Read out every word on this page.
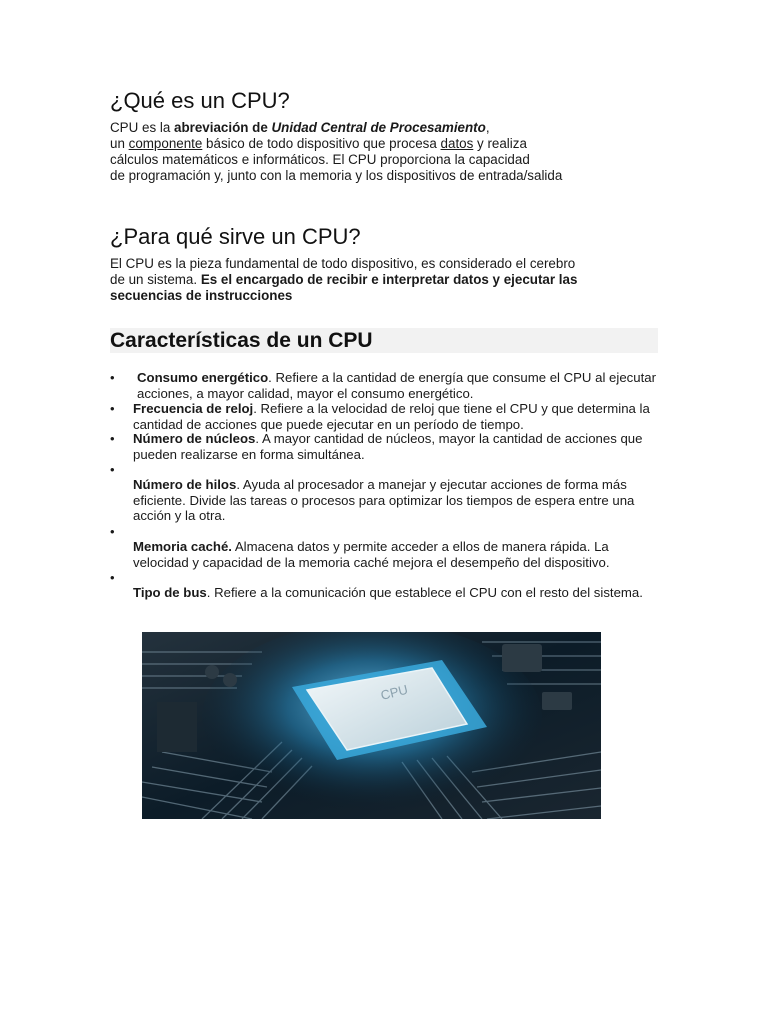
¿Qué es un CPU?
CPU es la abreviación de Unidad Central de Procesamiento,
un componente básico de todo dispositivo que procesa datos y realiza
cálculos matemáticos e informáticos. El CPU proporciona la capacidad
de programación y, junto con la memoria y los dispositivos de entrada/salida
¿Para qué sirve un CPU?
El CPU es la pieza fundamental de todo dispositivo, es considerado el cerebro
de un sistema. Es el encargado de recibir e interpretar datos y ejecutar las
secuencias de instrucciones
Características de un CPU
• Consumo energético. Refiere a la cantidad de energía que consume el CPU al ejecutar acciones, a mayor calidad, mayor el consumo energético.
• Frecuencia de reloj. Refiere a la velocidad de reloj que tiene el CPU y que determina la cantidad de acciones que puede ejecutar en un período de tiempo.
• Número de núcleos. A mayor cantidad de núcleos, mayor la cantidad de acciones que pueden realizarse en forma simultánea.
•
Número de hilos. Ayuda al procesador a manejar y ejecutar acciones de forma más eficiente. Divide las tareas o procesos para optimizar los tiempos de espera entre una acción y la otra.
•
Memoria caché. Almacena datos y permite acceder a ellos de manera rápida. La velocidad y capacidad de la memoria caché mejora el desempeño del dispositivo.
•
Tipo de bus. Refiere a la comunicación que establece el CPU con el resto del sistema.
CPU
